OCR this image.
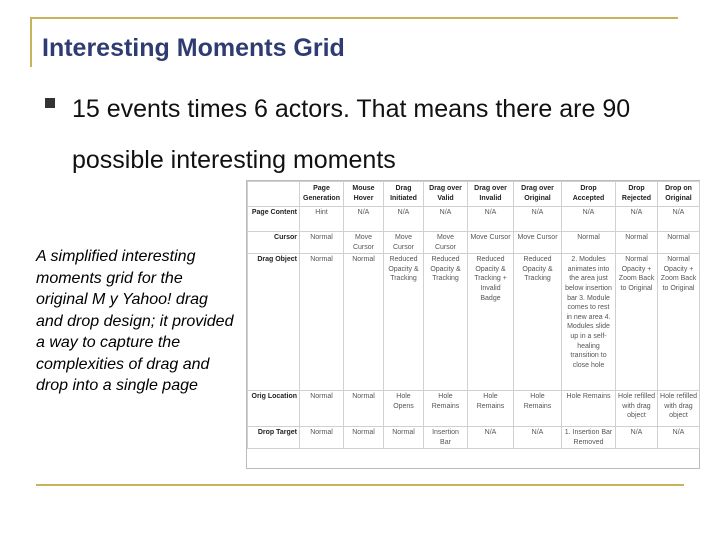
Interesting Moments Grid
15 events times 6 actors. That means there are 90 possible interesting moments
A simplified interesting moments grid for the original M y Yahoo! drag and drop design; it provided a way to capture the complexities of drag and drop into a single page
	Page Generation	Mouse Hover	Drag Initiated	Drag over Valid	Drag over Invalid	Drag over Original	Drop Accepted	Drop Rejected	Drop on Original
Page Content	Hint	N/A	N/A	N/A	N/A	N/A	N/A	N/A	N/A
Cursor	Normal	Move Cursor	Move Cursor	Move Cursor	Move Cursor	Move Cursor	Normal	Normal	Normal
Drag Object	Normal	Normal	Reduced Opacity & Tracking	Reduced Opacity & Tracking	Reduced Opacity & Tracking + Invalid Badge	Reduced Opacity & Tracking	2. Modules animates into the area just below insertion bar 3. Module comes to rest in new area 4. Modules slide up in a self-healing transition to close hole	Normal Opacity + Zoom Back to Original	Normal Opacity + Zoom Back to Original
Orig Location	Normal	Normal	Hole Opens	Hole Remains	Hole Remains	Hole Remains	Hole Remains	Hole refilled with drag object	Hole refilled with drag object
Drop Target	Normal	Normal	Normal	Insertion Bar	N/A	N/A	1. Insertion Bar Removed	N/A	N/A
